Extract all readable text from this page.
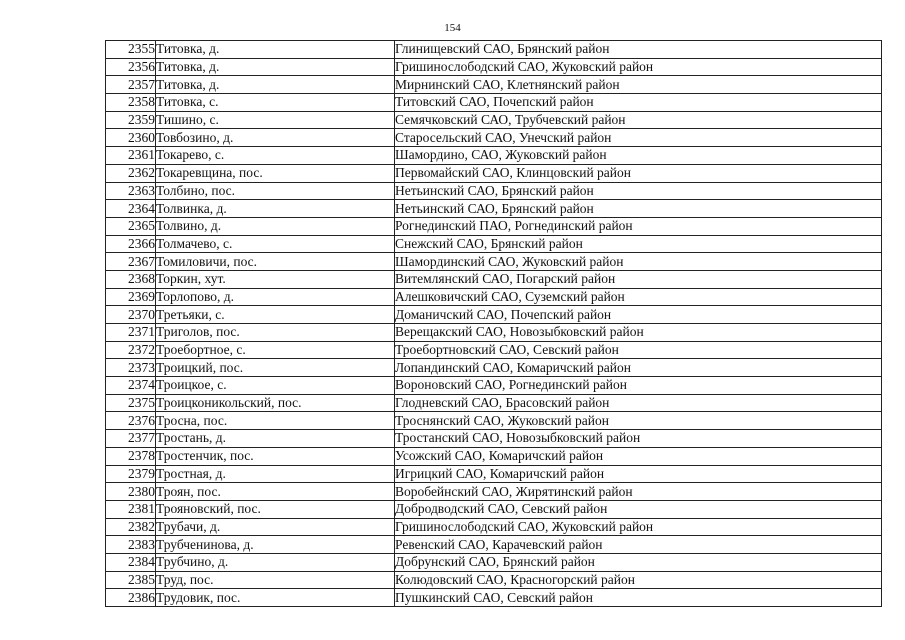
154
2355	Титовка, д.	Глинищевский САО, Брянский район
2356	Титовка, д.	Гришинослободский САО, Жуковский район
2357	Титовка, д.	Мирнинский САО, Клетнянский район
2358	Титовка, с.	Титовский САО, Почепский район
2359	Тишино, с.	Семячковский САО, Трубчевский район
2360	Товбозино, д.	Старосельский САО, Унечский район
2361	Токарево, с.	Шамордино, САО, Жуковский район
2362	Токаревщина, пос.	Первомайский САО, Клинцовский район
2363	Толбино, пос.	Нетьинский САО, Брянский район
2364	Толвинка, д.	Нетьинский САО, Брянский район
2365	Толвино, д.	Рогнединский ПАО, Рогнединский район
2366	Толмачево, с.	Снежский САО, Брянский район
2367	Томиловичи, пос.	Шамординский САО, Жуковский район
2368	Торкин, хут.	Витемлянский САО, Погарский район
2369	Торлопово, д.	Алешковичский САО, Суземский район
2370	Третьяки, с.	Доманичский САО, Почепский район
2371	Триголов, пос.	Верещакский САО, Новозыбковский район
2372	Троебортное, с.	Троебортновский САО, Севский район
2373	Троицкий, пос.	Лопандинский САО, Комаричский район
2374	Троицкое, с.	Вороновский САО, Рогнединский район
2375	Троицконикольский, пос.	Глодневский САО, Брасовский район
2376	Тросна, пос.	Троснянский САО, Жуковский район
2377	Тростань, д.	Тростанский САО, Новозыбковский район
2378	Тростенчик, пос.	Усожский САО, Комаричский район
2379	Тростная, д.	Игрицкий САО, Комаричский район
2380	Троян, пос.	Воробейнский САО, Жирятинский район
2381	Трояновский, пос.	Добродводский САО, Севский район
2382	Трубачи, д.	Гришинослободский САО, Жуковский район
2383	Трубченинова, д.	Ревенский САО, Карачевский район
2384	Трубчино, д.	Добрунский САО, Брянский район
2385	Труд, пос.	Колюдовский САО, Красногорский район
2386	Трудовик, пос.	Пушкинский САО, Севский район
